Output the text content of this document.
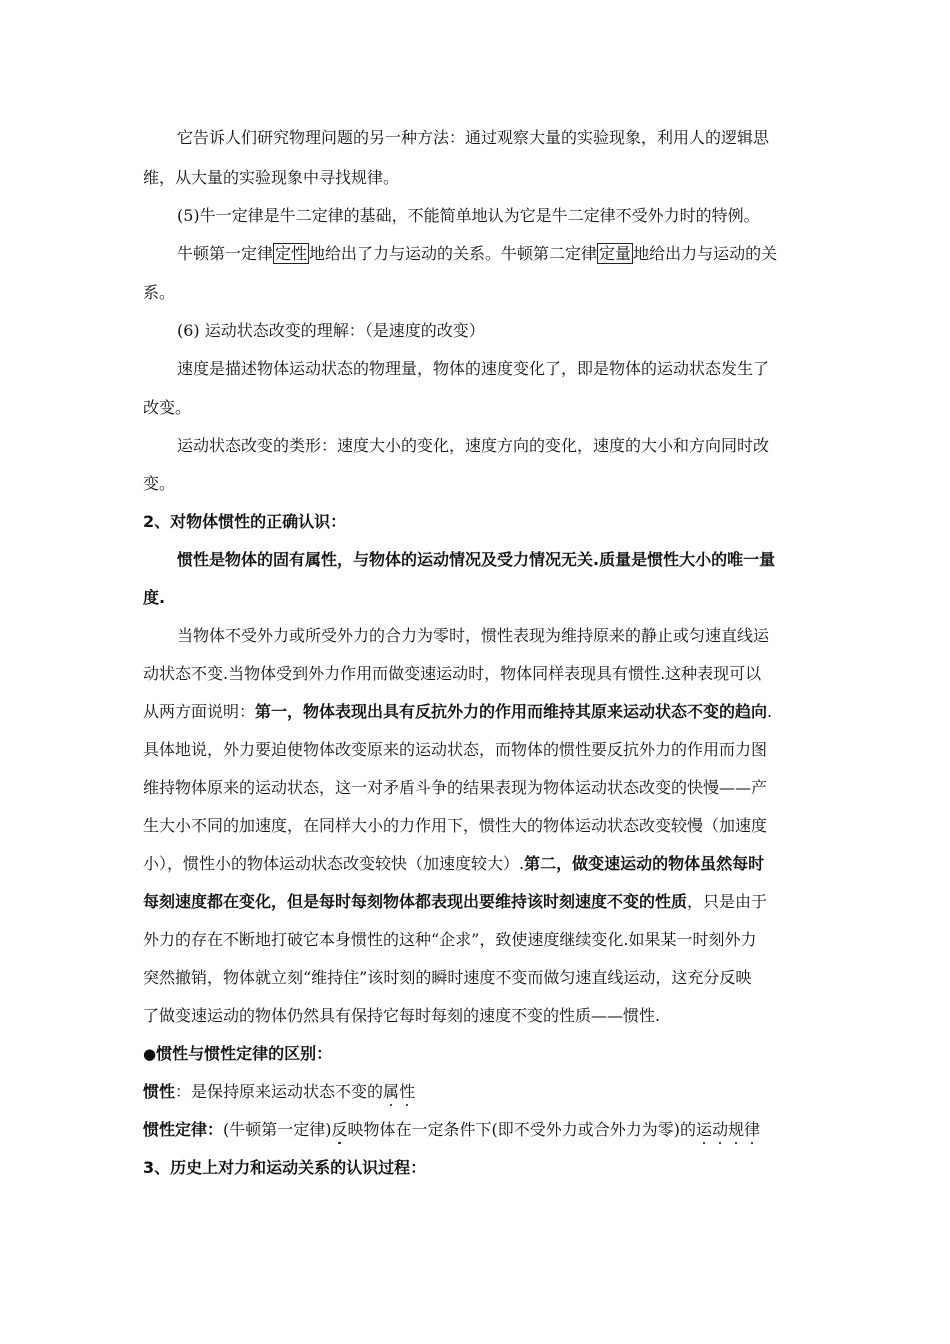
它告诉人们研究物理问题的另一种方法：通过观察大量的实验现象，利用人的逻辑思
维，从大量的实验现象中寻找规律。
(5)牛一定律是牛二定律的基础，不能简单地认为它是牛二定律不受外力时的特例。
牛顿第一定律 定性 地给出了力与运动的关系。牛顿第二定律 定量 地给出力与运动的关
系。
(6) 运动状态改变的理解：（是速度的改变）
速度是描述物体运动状态的物理量，物体的速度变化了，即是物体的运动状态发生了
改变。
运动状态改变的类形：速度大小的变化，速度方向的变化，速度的大小和方向同时改
变。
2、对物体惯性的正确认识：
惯性是物体的固有属性，与物体的运动情况及受力情况无关.质量是惯性大小的唯一量
度.
当物体不受外力或所受外力的合力为零时，惯性表现为维持原来的静止或匀速直线运
动状态不变.当物体受到外力作用而做变速运动时，物体同样表现具有惯性.这种表现可以
从两方面说明：第一，物体表现出具有反抗外力的作用而维持其原来运动状态不变的趋向.
具体地说，外力要迫使物体改变原来的运动状态，而物体的惯性要反抗外力的作用而力图
维持物体原来的运动状态，这一对矛盾斗争的结果表现为物体运动状态改变的快慢——产
生大小不同的加速度，在同样大小的力作用下，惯性大的物体运动状态改变较慢（加速度
小），惯性小的物体运动状态改变较快（加速度较大）.第二，做变速运动的物体虽然每时
每刻速度都在变化，但是每时每刻物体都表现出要维持该时刻速度不变的性质，只是由于
外力的存在不断地打破它本身惯性的这种“企求”，致使速度继续变化.如果某一时刻外力
突然撤销，物体就立刻“维持住”该时刻的瞬时速度不变而做匀速直线运动，这充分反映
了做变速运动的物体仍然具有保持它每时每刻的速度不变的性质——惯性.
●惯性与惯性定律的区别：
惯性：是保持原来运动状态不变的属性
惯性定律：(牛顿第一定律)反映物体在一定条件下(即不受外力或合外力为零)的运动规律
3、历史上对力和运动关系的认识过程：
